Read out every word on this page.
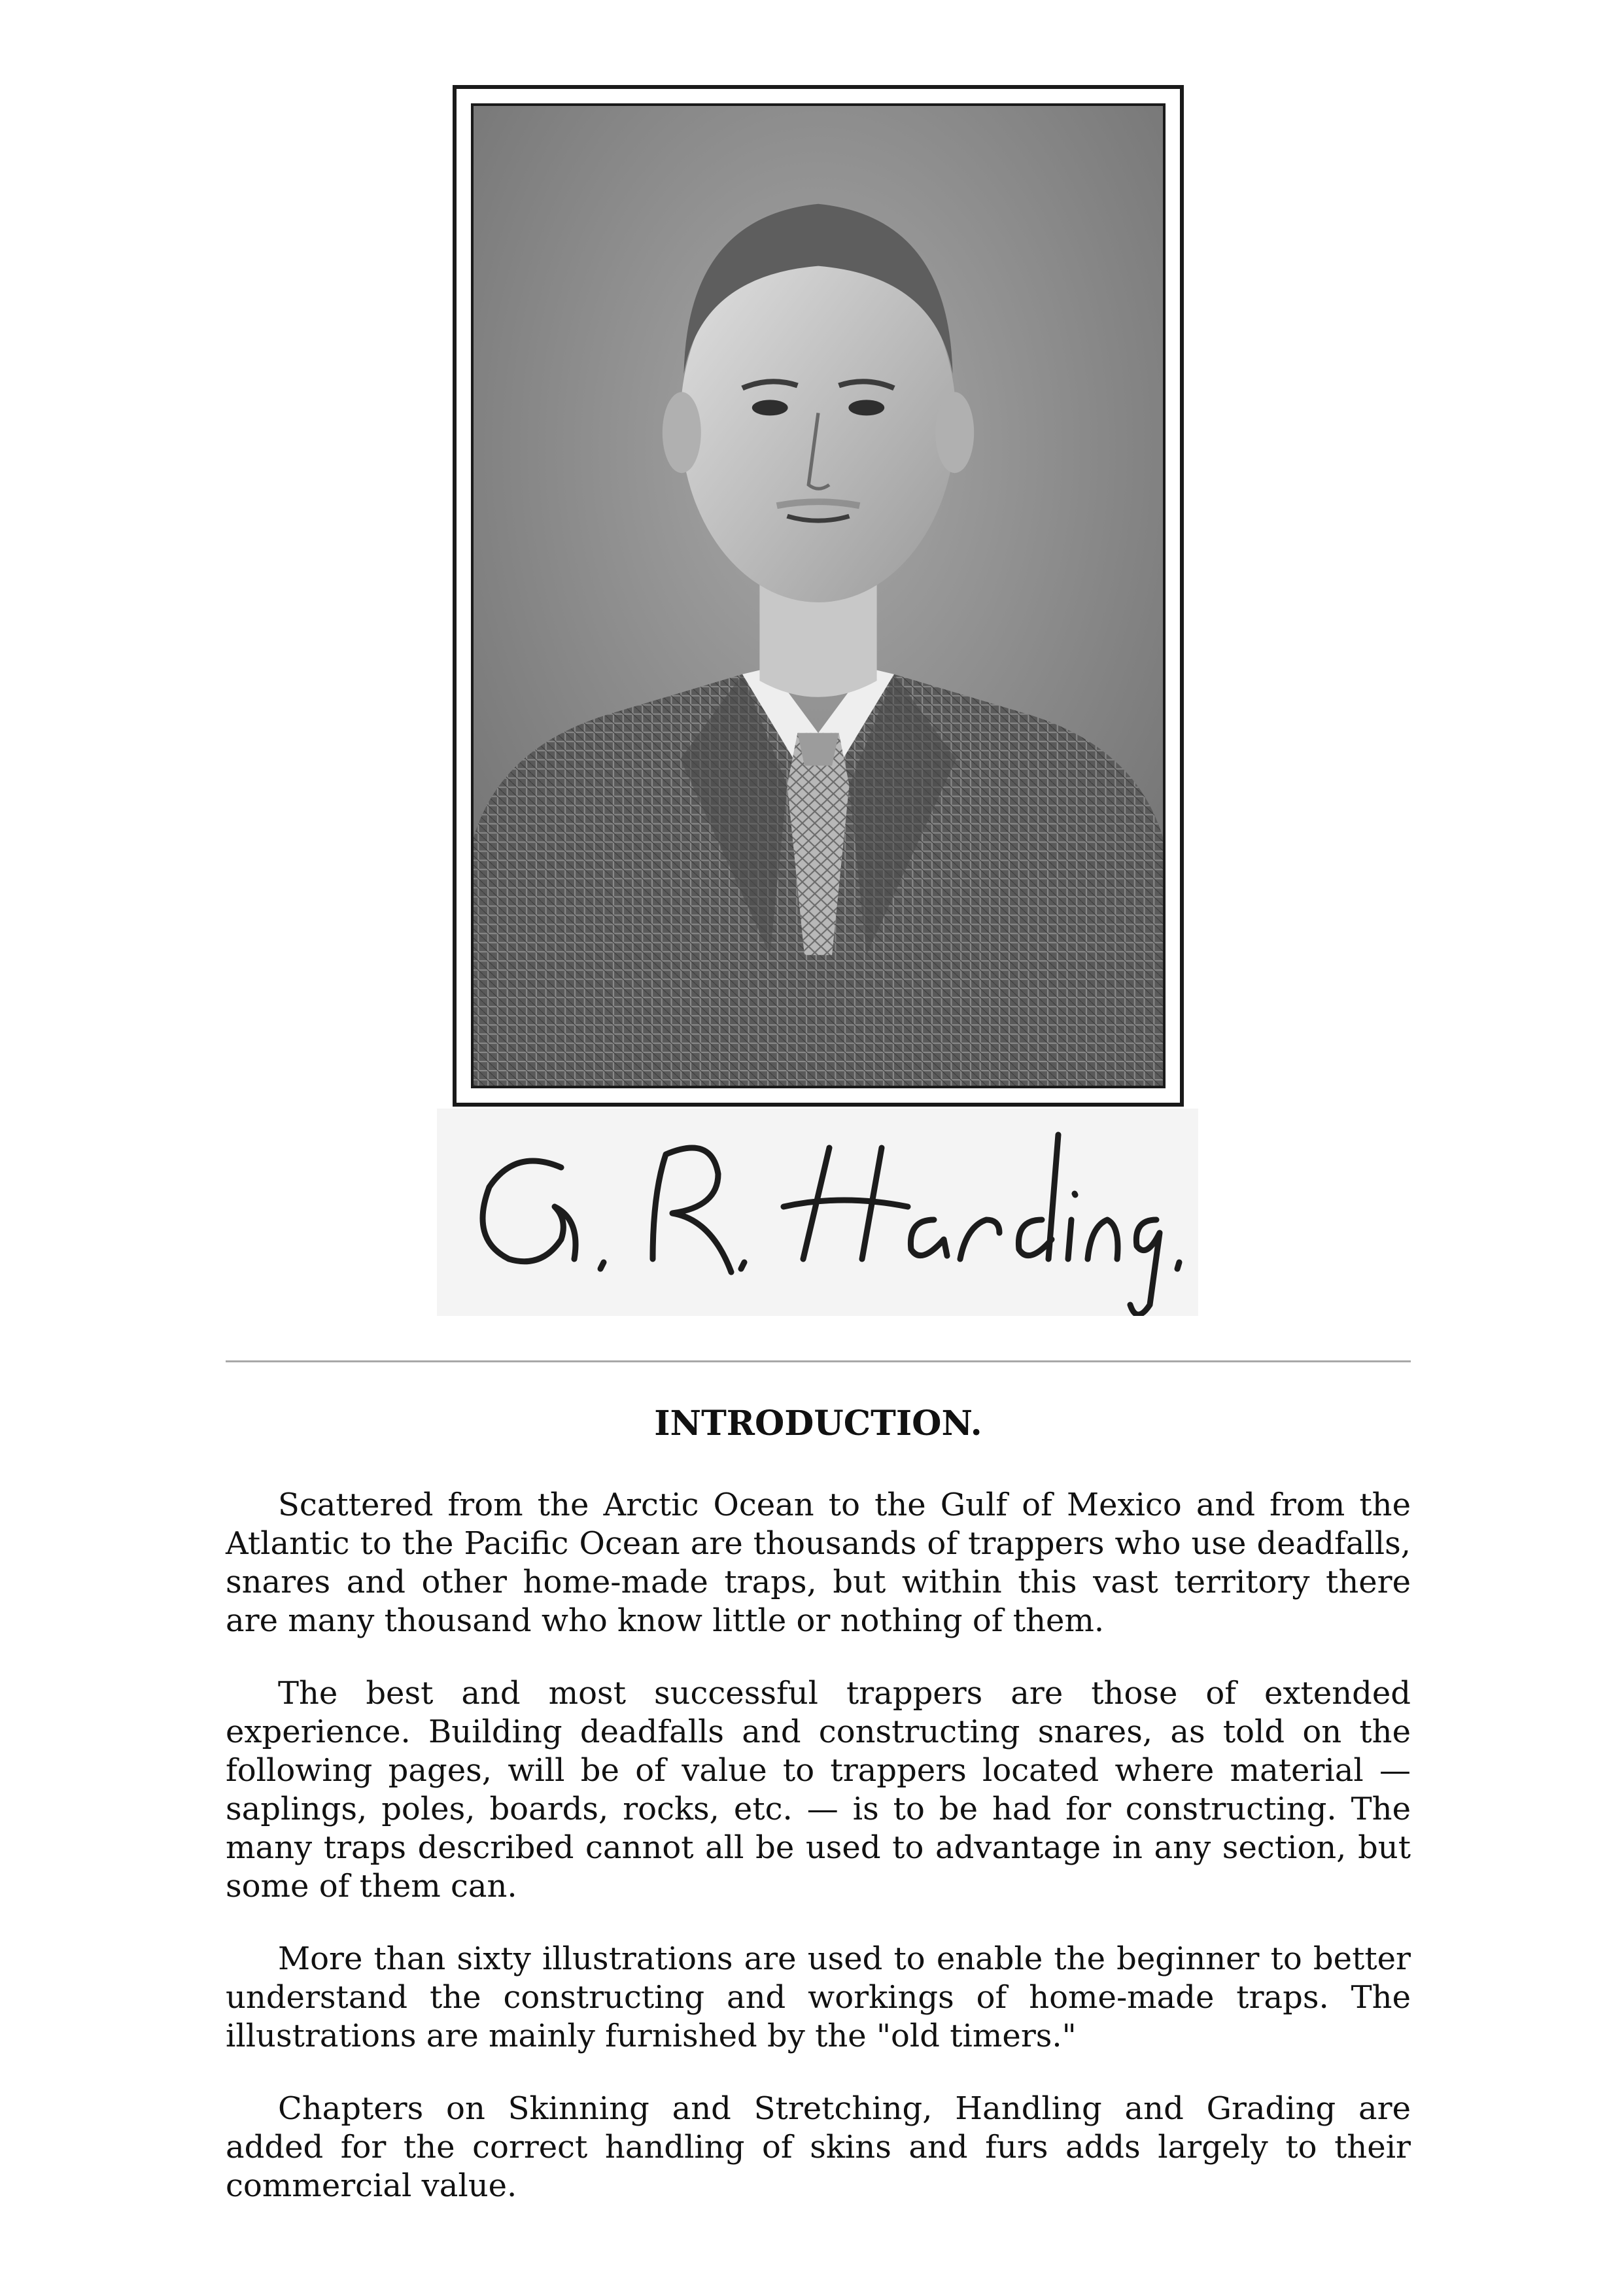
INTRODUCTION.

Scattered from the Arctic Ocean to the Gulf of Mexico and from the Atlantic to the Pacific Ocean are thousands of trappers who use deadfalls, snares and other home-made traps, but within this vast territory there are many thousand who know little or nothing of them.

The best and most successful trappers are those of extended experience. Building deadfalls and constructing snares, as told on the following pages, will be of value to trappers located where material — saplings, poles, boards, rocks, etc. — is to be had for constructing. The many traps described cannot all be used to advantage in any section, but some of them can.

More than sixty illustrations are used to enable the beginner to better understand the constructing and workings of home-made traps. The illustrations are mainly furnished by the "old timers."

Chapters on Skinning and Stretching, Handling and Grading are added for the correct handling of skins and furs adds largely to their commercial value.
